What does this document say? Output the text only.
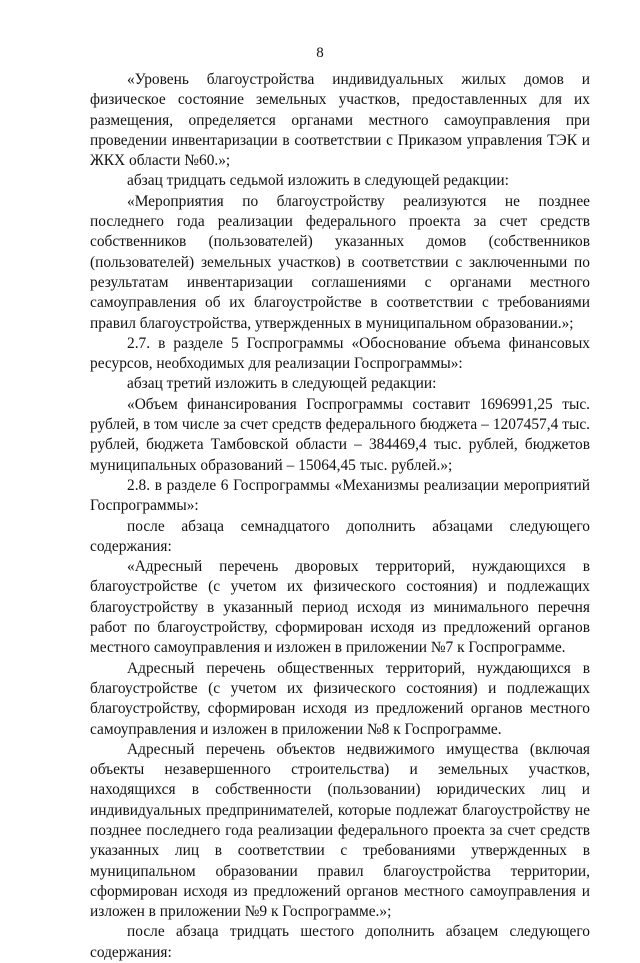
8

«Уровень благоустройства индивидуальных жилых домов и физическое состояние земельных участков, предоставленных для их размещения, определяется органами местного самоуправления при проведении инвентаризации в соответствии с Приказом управления ТЭК и ЖКХ области №60.»;

абзац тридцать седьмой изложить в следующей редакции:

«Мероприятия по благоустройству реализуются не позднее последнего года реализации федерального проекта за счет средств собственников (пользователей) указанных домов (собственников (пользователей) земельных участков) в соответствии с заключенными по результатам инвентаризации соглашениями с органами местного самоуправления об их благоустройстве в соответствии с требованиями правил благоустройства, утвержденных в муниципальном образовании.»;

2.7. в разделе 5 Госпрограммы «Обоснование объема финансовых ресурсов, необходимых для реализации Госпрограммы»:

абзац третий изложить в следующей редакции:

«Объем финансирования Госпрограммы составит 1696991,25 тыс. рублей, в том числе за счет средств федерального бюджета – 1207457,4 тыс. рублей, бюджета Тамбовской области – 384469,4 тыс. рублей, бюджетов муниципальных образований – 15064,45 тыс. рублей.»;

2.8. в разделе 6 Госпрограммы «Механизмы реализации мероприятий Госпрограммы»:

после абзаца семнадцатого дополнить абзацами следующего содержания:

«Адресный перечень дворовых территорий, нуждающихся в благоустройстве (с учетом их физического состояния) и подлежащих благоустройству в указанный период исходя из минимального перечня работ по благоустройству, сформирован исходя из предложений органов местного самоуправления и изложен в приложении №7 к Госпрограмме.

Адресный перечень общественных территорий, нуждающихся в благоустройстве (с учетом их физического состояния) и подлежащих благоустройству, сформирован исходя из предложений органов местного самоуправления и изложен в приложении №8 к Госпрограмме.

Адресный перечень объектов недвижимого имущества (включая объекты незавершенного строительства) и земельных участков, находящихся в собственности (пользовании) юридических лиц и индивидуальных предпринимателей, которые подлежат благоустройству не позднее последнего года реализации федерального проекта за счет средств указанных лиц в соответствии с требованиями утвержденных в муниципальном образовании правил благоустройства территории, сформирован исходя из предложений органов местного самоуправления и изложен в приложении №9 к Госпрограмме.»;

после абзаца тридцать шестого дополнить абзацем следующего содержания:
